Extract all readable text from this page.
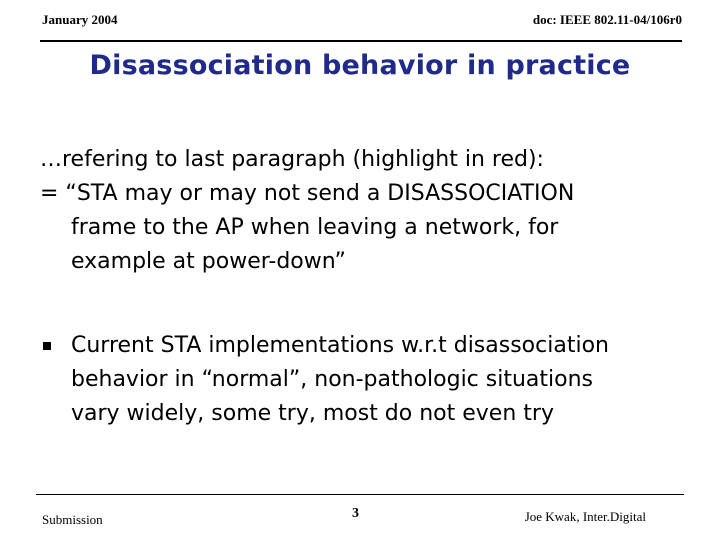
January 2004	doc: IEEE 802.11-04/106r0
Disassociation behavior in practice
…refering to last paragraph (highlight in red):
= “STA may or may not send a DISASSOCIATION
frame to the AP when leaving a network, for
example at power-down”
Current STA implementations w.r.t disassociation
behavior in “normal”, non-pathologic situations
vary widely, some try, most do not even try
Submission	3	Joe Kwak, Inter.Digital
